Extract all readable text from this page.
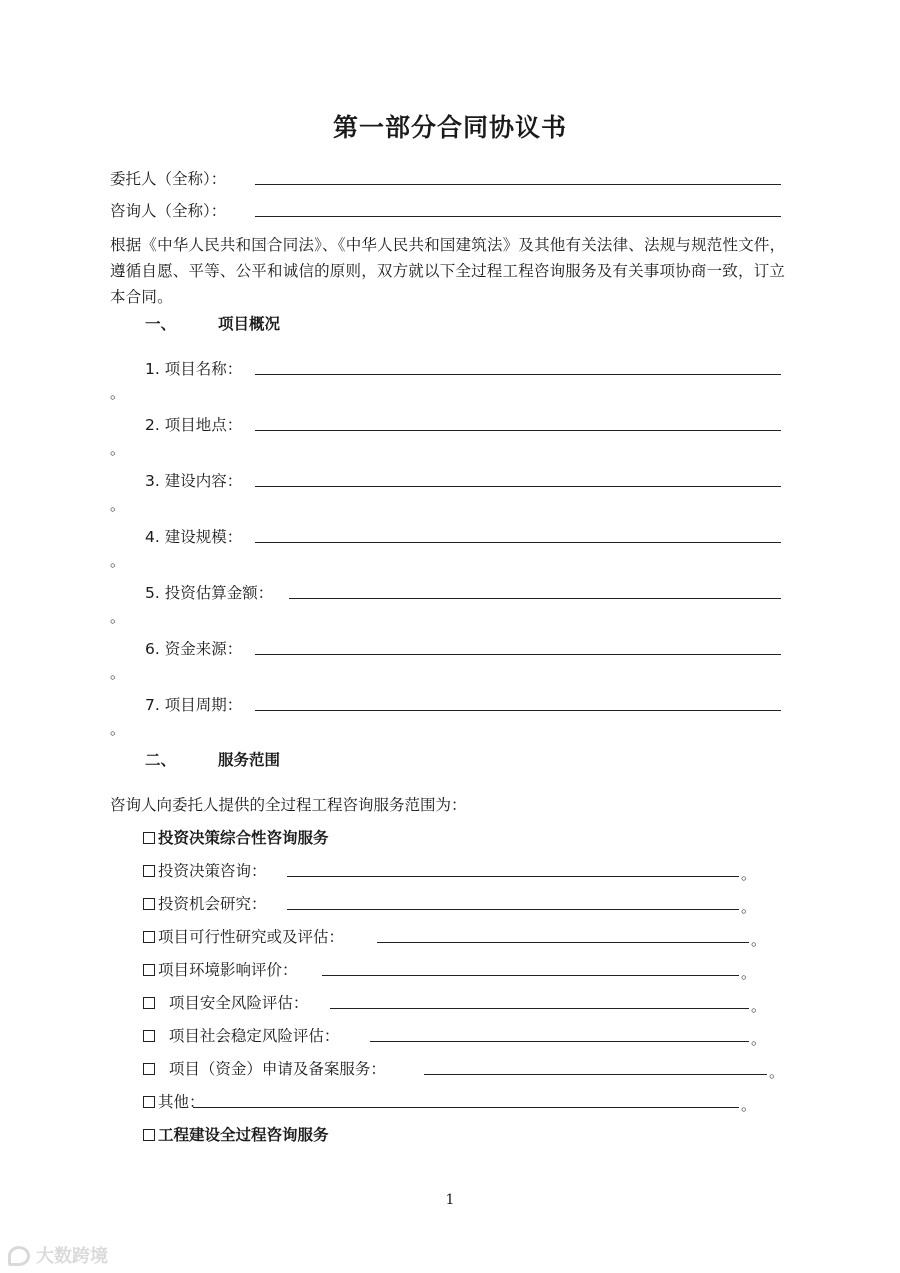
第一部分合同协议书
委托人（全称）：
咨询人（全称）：
根据《中华人民共和国合同法》、《中华人民共和国建筑法》及其他有关法律、法规与规范性文件，遵循自愿、平等、公平和诚信的原则，双方就以下全过程工程咨询服务及有关事项协商一致，订立本合同。
一、	项目概况
1. 项目名称：
。
2. 项目地点：
。
3. 建设内容：
。
4. 建设规模：
。
5. 投资估算金额：
。
6. 资金来源：
。
7. 项目周期：
。
二、	服务范围
咨询人向委托人提供的全过程工程咨询服务范围为：
投资决策综合性咨询服务
投资决策咨询：	。
投资机会研究：	。
项目可行性研究或及评估：	。
项目环境影响评价：	。
项目安全风险评估：	。
项目社会稳定风险评估：	。
项目（资金）申请及备案服务：	。
其他：	。
工程建设全过程咨询服务
1
大数跨境
